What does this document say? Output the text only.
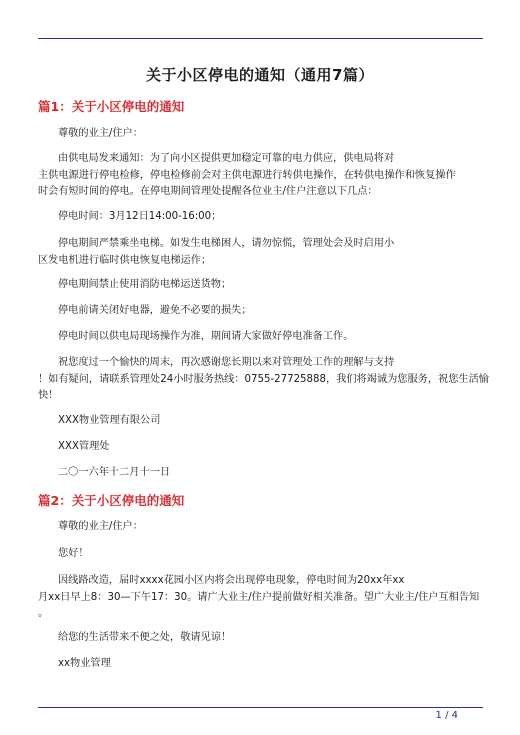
关于小区停电的通知（通用7篇）
篇1：关于小区停电的通知
尊敬的业主/住户：
由供电局发来通知：为了向小区提供更加稳定可靠的电力供应，供电局将对
主供电源进行停电检修，停电检修前会对主供电源进行转供电操作，在转供电操作和恢复操作
时会有短时间的停电。在停电期间管理处提醒各位业主/住户注意以下几点：
停电时间：3月12日14:00-16:00；
停电期间严禁乘坐电梯。如发生电梯困人，请勿惊慌，管理处会及时启用小
区发电机进行临时供电恢复电梯运作；
停电期间禁止使用消防电梯运送货物；
停电前请关闭好电器，避免不必要的损失；
停电时间以供电局现场操作为准，期间请大家做好停电准备工作。
祝您度过一个愉快的周末，再次感谢您长期以来对管理处工作的理解与支持
！如有疑问，请联系管理处24小时服务热线：0755-27725888，我们将竭诚为您服务，祝您生活愉
快！
XXX物业管理有限公司
XXX管理处
二〇一六年十二月十一日
篇2：关于小区停电的通知
尊敬的业主/住户：
您好！
因线路改造，届时xxxx花园小区内将会出现停电现象，停电时间为20xx年xx
月xx日早上8：30—下午17：30。请广大业主/住户提前做好相关准备。望广大业主/住户互相告知
。
给您的生活带来不便之处，敬请见谅！
xx物业管理
1 / 4
